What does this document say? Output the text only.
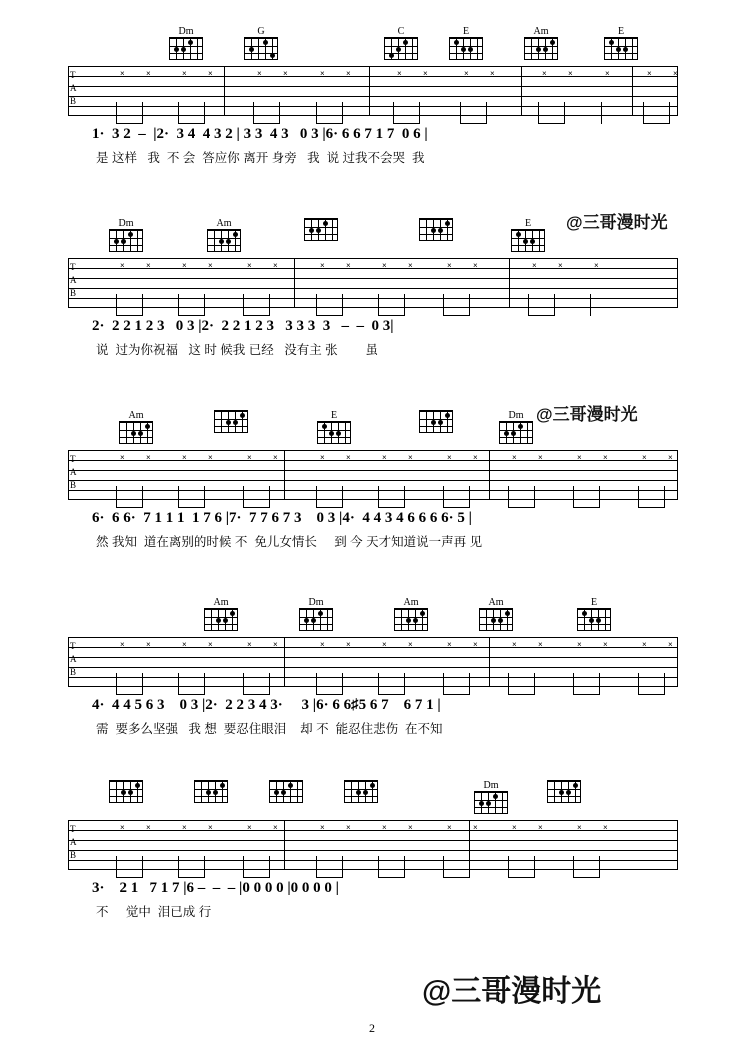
Dm	G	C	E	Am	E
T
A
B
×	×	×	×	×	×	×	×	×	×	×	×	×	×	×	×	×

1·  3 2  –  |2·  3 4  4 3 2 | 3 3  4 3   0 3 |6· 6 6 7 1 7  0 6 |

是 这样   我  不 会  答应你 离开 身旁   我  说 过我不会哭  我

Dm	Am	E
T
A
B
×	×	×	×	×	×	×	×	×	×	×	×	×	×	×

2·  2 2 1 2 3   0 3 |2·  2 2 1 2 3   3 3 3  3   –  –  0 3|

说  过为你祝福   这 时 候我 已经   没有主 张        虽

Am	E	Dm
T
A
B
×	×	×	×	×	×	×	×	×	×	×	×	×	×	×	×	×	×

6·  6 6·  7 1 1 1  1 7 6 |7·  7 7 6 7 3    0 3 |4·  4 4 3 4 6 6 6 6· 5 |

然 我知  道在离别的时候 不  免儿女情长     到 今 天才知道说一声再 见

Am	Dm	Am	Am	E
T
A
B
×	×	×	×	×	×	×	×	×	×	×	×	×	×	×	×	×	×

4·  4 4 5 6 3    0 3 |2·  2 2 3 4 3·     3 |6· 6 6♯5 6 7    6 7 1 |

需  要多么坚强   我 想  要忍住眼泪    却 不  能忍住悲伤  在不知

Dm
T
A
B
×	×	×	×	×	×	×	×	×	×	×	×	×	×	×	×

3·    2 1   7 1 7 |6 –  –  – |0 0 0 0 |0 0 0 0 |

不     觉中  泪已成 行

@三哥漫时光
@三哥漫时光
@三哥漫时光
2
